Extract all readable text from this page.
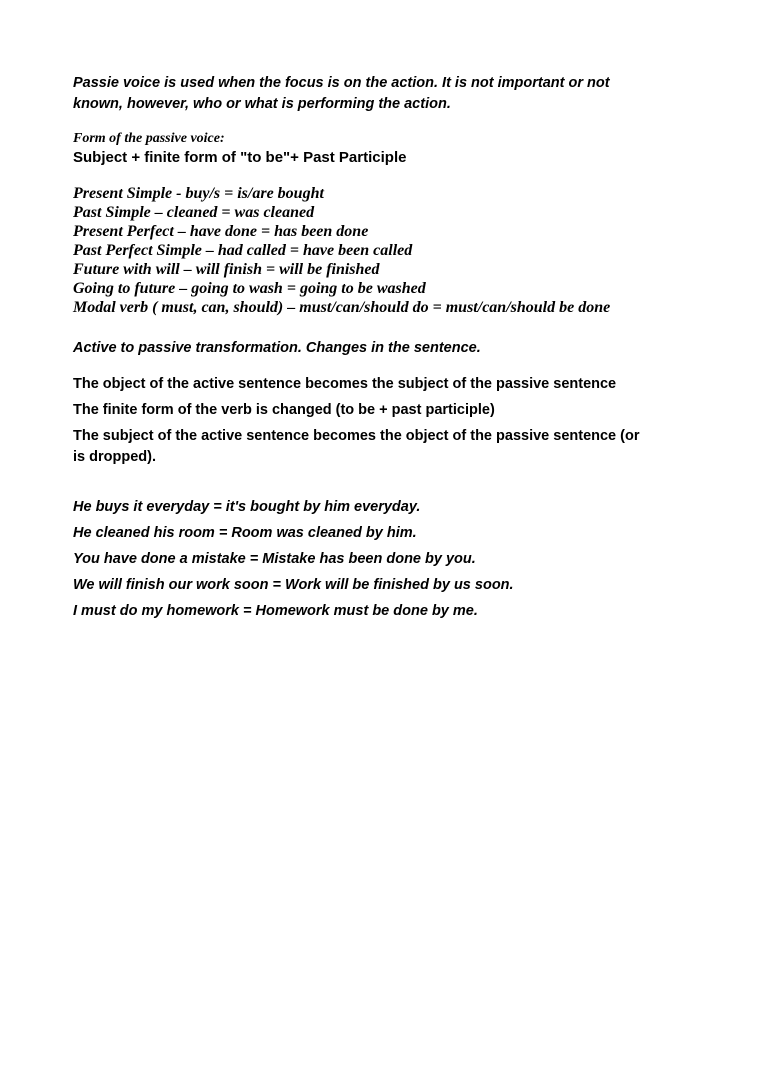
Passie voice is used when the focus is on the action. It is not important or not
known, however, who or what is performing the action.
Form of the passive voice:
Subject + finite form of "to be"+ Past Participle
Present Simple - buy/s = is/are bought
Past Simple – cleaned = was cleaned
Present Perfect – have done = has been done
Past Perfect Simple – had called = have been called
Future with will – will finish = will be finished
Going to future – going to wash = going to be washed
Modal verb ( must, can, should) – must/can/should do = must/can/should be done
Active to passive transformation. Changes in the sentence.
The object of the active sentence becomes the subject of the passive sentence
The finite form of the verb is changed (to be + past participle)
The subject of the active sentence becomes the object of the passive sentence (or
is dropped).
He buys it everyday = it's bought by him everyday.
He cleaned his room = Room was cleaned by him.
You have done a mistake = Mistake has been done by you.
We will finish our work soon = Work will be finished by us soon.
I must do my homework = Homework must be done by me.
